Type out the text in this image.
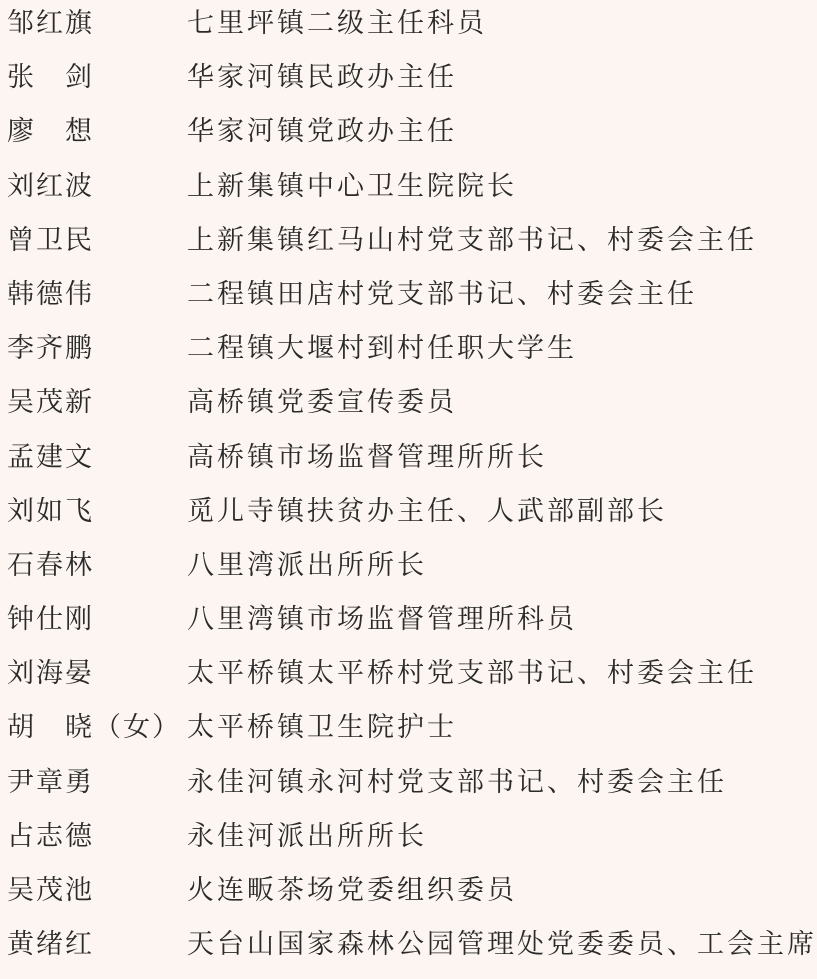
邹红旗	七里坪镇二级主任科员
张　剑	华家河镇民政办主任
廖　想	华家河镇党政办主任
刘红波	上新集镇中心卫生院院长
曾卫民	上新集镇红马山村党支部书记、村委会主任
韩德伟	二程镇田店村党支部书记、村委会主任
李齐鹏	二程镇大堰村到村任职大学生
吴茂新	高桥镇党委宣传委员
孟建文	高桥镇市场监督管理所所长
刘如飞	觅儿寺镇扶贫办主任、人武部副部长
石春林	八里湾派出所所长
钟仕刚	八里湾镇市场监督管理所科员
刘海晏	太平桥镇太平桥村党支部书记、村委会主任
胡　晓（女） 太平桥镇卫生院护士
尹章勇	永佳河镇永河村党支部书记、村委会主任
占志德	永佳河派出所所长
吴茂池	火连畈茶场党委组织委员
黄绪红	天台山国家森林公园管理处党委委员、工会主席
